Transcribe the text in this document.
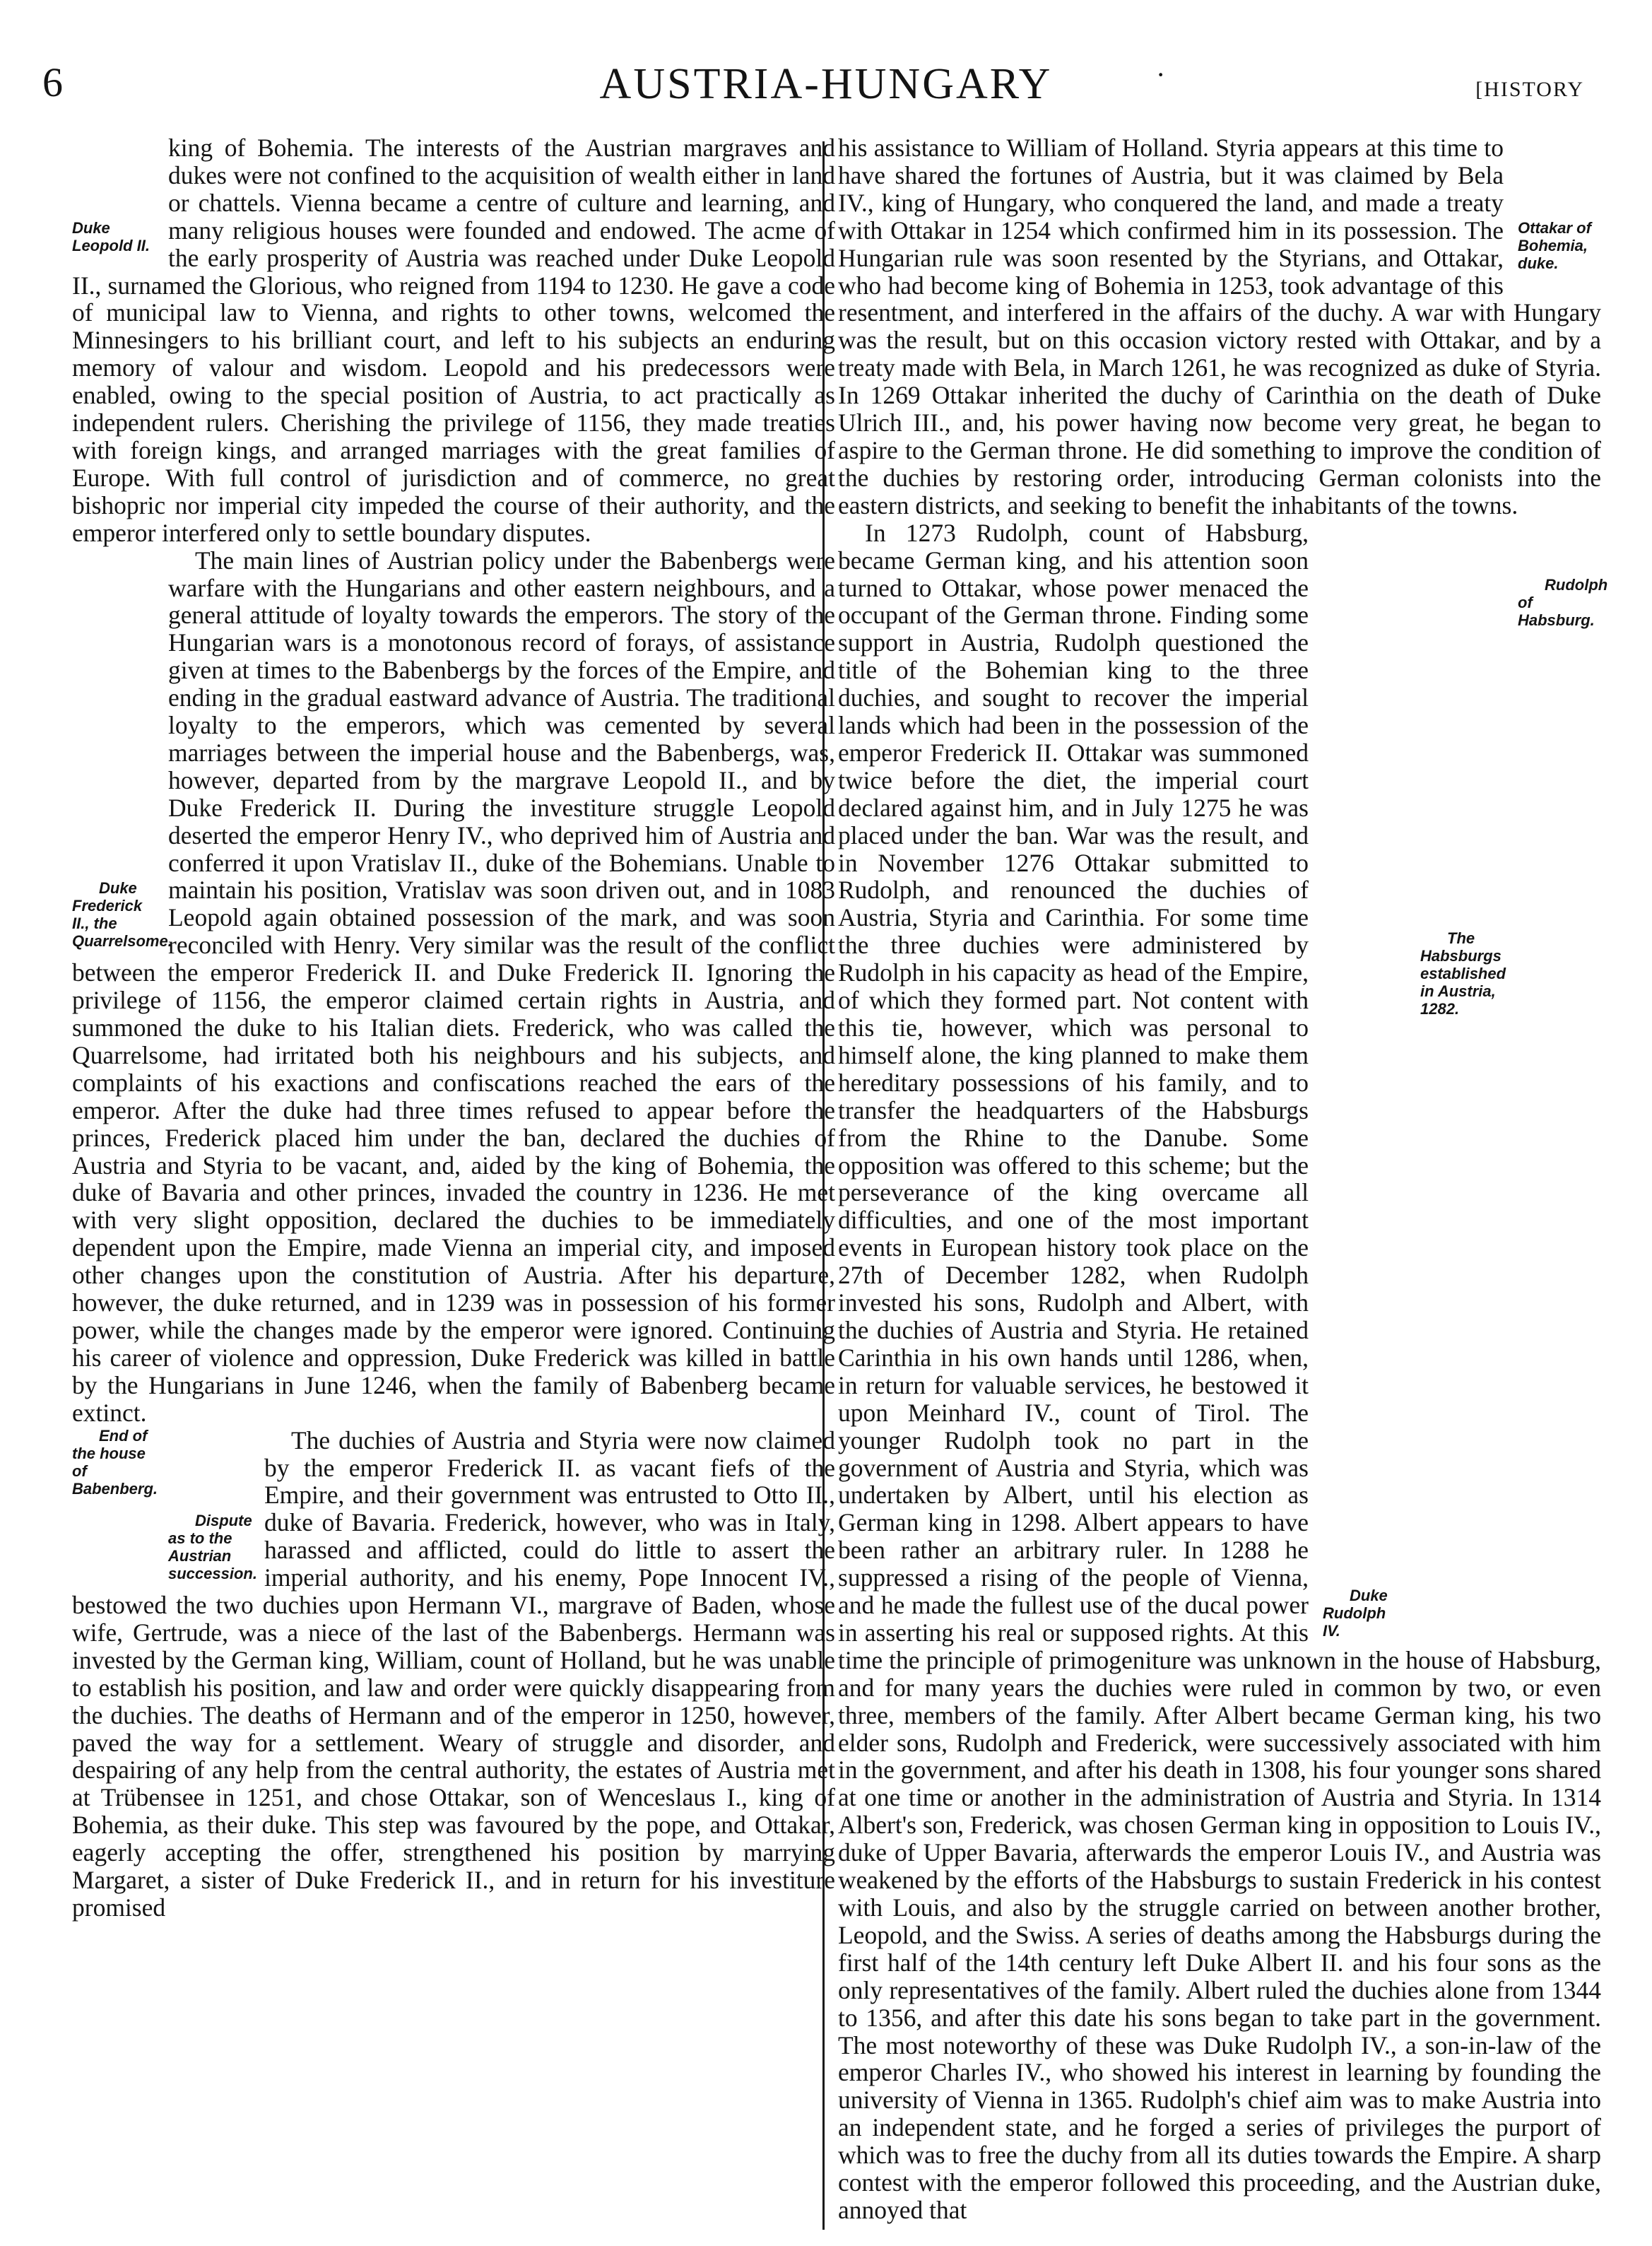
6	AUSTRIA-HUNGARY	·	[HISTORY

Duke Leopold II.
king of Bohemia. The interests of the Austrian margraves and dukes were not confined to the acquisition of wealth either in land or chattels. Vienna became a centre of culture and learning, and many religious houses were founded and endowed. The acme of the early prosperity of Austria was reached under Duke Leopold II., surnamed the Glorious, who reigned from 1194 to 1230. He gave a code of municipal law to Vienna, and rights to other towns, welcomed the Minnesingers to his brilliant court, and left to his subjects an enduring memory of valour and wisdom. Leopold and his predecessors were enabled, owing to the special position of Austria, to act practically as independent rulers. Cherishing the privilege of 1156, they made treaties with foreign kings, and arranged marriages with the great families of Europe. With full control of jurisdiction and of commerce, no great bishopric nor imperial city impeded the course of their authority, and the emperor interfered only to settle boundary disputes.

Duke Frederick II., the Quarrelsome.
The main lines of Austrian policy under the Babenbergs were warfare with the Hungarians and other eastern neighbours, and a general attitude of loyalty towards the emperors. The story of the Hungarian wars is a monotonous record of forays, of assistance given at times to the Babenbergs by the forces of the Empire, and ending in the gradual eastward advance of Austria. The traditional loyalty to the emperors, which was cemented by several marriages between the imperial house and the Babenbergs, was, however, departed from by the margrave Leopold II., and by Duke Frederick II. During the investiture struggle Leopold deserted the emperor Henry IV., who deprived him of Austria and conferred it upon Vratislav II., duke of the Bohemians. Unable to maintain his position, Vratislav was soon driven out, and in 1083 Leopold again obtained possession of the mark, and was soon reconciled with Henry. Very similar was the result of the conflict between the emperor Frederick II. and Duke Frederick II. Ignoring the privilege of 1156, the emperor claimed certain rights in Austria, and summoned the duke to his Italian diets. Frederick, who was called the Quarrelsome, had irritated both his neighbours and his subjects, and complaints of his exactions and confiscations reached the ears of the emperor. After the duke had three times refused to appear before the princes, Frederick placed him under the ban, declared the duchies of Austria and Styria to be vacant, and, aided by the king of Bohemia, the duke of Bavaria and other princes, invaded the country in 1236. He met with very slight opposition, declared the duchies to be immediately dependent upon the Empire, made Vienna an imperial city, and imposed other changes upon the constitution of Austria. After his departure, however, the duke returned, and in 1239 was in possession of his former power, while the changes made by the emperor were ignored. Continuing his career of violence and oppression, Duke Frederick was killed in battle by the Hungarians in June 1246, when the family of Babenberg became extinct.

End of the house of Babenberg.
Dispute as to the Austrian succession.
The duchies of Austria and Styria were now claimed by the emperor Frederick II. as vacant fiefs of the Empire, and their government was entrusted to Otto II., duke of Bavaria. Frederick, however, who was in Italy, harassed and afflicted, could do little to assert the imperial authority, and his enemy, Pope Innocent IV., bestowed the two duchies upon Hermann VI., margrave of Baden, whose wife, Gertrude, was a niece of the last of the Babenbergs. Hermann was invested by the German king, William, count of Holland, but he was unable to establish his position, and law and order were quickly disappearing from the duchies. The deaths of Hermann and of the emperor in 1250, however, paved the way for a settlement. Weary of struggle and disorder, and despairing of any help from the central authority, the estates of Austria met at Trübensee in 1251, and chose Ottakar, son of Wenceslaus I., king of Bohemia, as their duke. This step was favoured by the pope, and Ottakar, eagerly accepting the offer, strengthened his position by marrying Margaret, a sister of Duke Frederick II., and in return for his investiture promised

Ottakar of Bohemia, duke.
his assistance to William of Holland. Styria appears at this time to have shared the fortunes of Austria, but it was claimed by Bela IV., king of Hungary, who conquered the land, and made a treaty with Ottakar in 1254 which confirmed him in its possession. The Hungarian rule was soon resented by the Styrians, and Ottakar, who had become king of Bohemia in 1253, took advantage of this resentment, and interfered in the affairs of the duchy. A war with Hungary was the result, but on this occasion victory rested with Ottakar, and by a treaty made with Bela, in March 1261, he was recognized as duke of Styria. In 1269 Ottakar inherited the duchy of Carinthia on the death of Duke Ulrich III., and, his power having now become very great, he began to aspire to the German throne. He did something to improve the condition of the duchies by restoring order, introducing German colonists into the eastern districts, and seeking to benefit the inhabitants of the towns.

Rudolph of Habsburg.
The Habsburgs established in Austria, 1282.
Duke Rudolph IV.
In 1273 Rudolph, count of Habsburg, became German king, and his attention soon turned to Ottakar, whose power menaced the occupant of the German throne. Finding some support in Austria, Rudolph questioned the title of the Bohemian king to the three duchies, and sought to recover the imperial lands which had been in the possession of the emperor Frederick II. Ottakar was summoned twice before the diet, the imperial court declared against him, and in July 1275 he was placed under the ban. War was the result, and in November 1276 Ottakar submitted to Rudolph, and renounced the duchies of Austria, Styria and Carinthia. For some time the three duchies were administered by Rudolph in his capacity as head of the Empire, of which they formed part. Not content with this tie, however, which was personal to himself alone, the king planned to make them hereditary possessions of his family, and to transfer the headquarters of the Habsburgs from the Rhine to the Danube. Some opposition was offered to this scheme; but the perseverance of the king overcame all difficulties, and one of the most important events in European history took place on the 27th of December 1282, when Rudolph invested his sons, Rudolph and Albert, with the duchies of Austria and Styria. He retained Carinthia in his own hands until 1286, when, in return for valuable services, he bestowed it upon Meinhard IV., count of Tirol. The younger Rudolph took no part in the government of Austria and Styria, which was undertaken by Albert, until his election as German king in 1298. Albert appears to have been rather an arbitrary ruler. In 1288 he suppressed a rising of the people of Vienna, and he made the fullest use of the ducal power in asserting his real or supposed rights. At this time the principle of primogeniture was unknown in the house of Habsburg, and for many years the duchies were ruled in common by two, or even three, members of the family. After Albert became German king, his two elder sons, Rudolph and Frederick, were successively associated with him in the government, and after his death in 1308, his four younger sons shared at one time or another in the administration of Austria and Styria. In 1314 Albert's son, Frederick, was chosen German king in opposition to Louis IV., duke of Upper Bavaria, afterwards the emperor Louis IV., and Austria was weakened by the efforts of the Habsburgs to sustain Frederick in his contest with Louis, and also by the struggle carried on between another brother, Leopold, and the Swiss. A series of deaths among the Habsburgs during the first half of the 14th century left Duke Albert II. and his four sons as the only representatives of the family. Albert ruled the duchies alone from 1344 to 1356, and after this date his sons began to take part in the government. The most noteworthy of these was Duke Rudolph IV., a son-in-law of the emperor Charles IV., who showed his interest in learning by founding the university of Vienna in 1365. Rudolph's chief aim was to make Austria into an independent state, and he forged a series of privileges the purport of which was to free the duchy from all its duties towards the Empire. A sharp contest with the emperor followed this proceeding, and the Austrian duke, annoyed that
